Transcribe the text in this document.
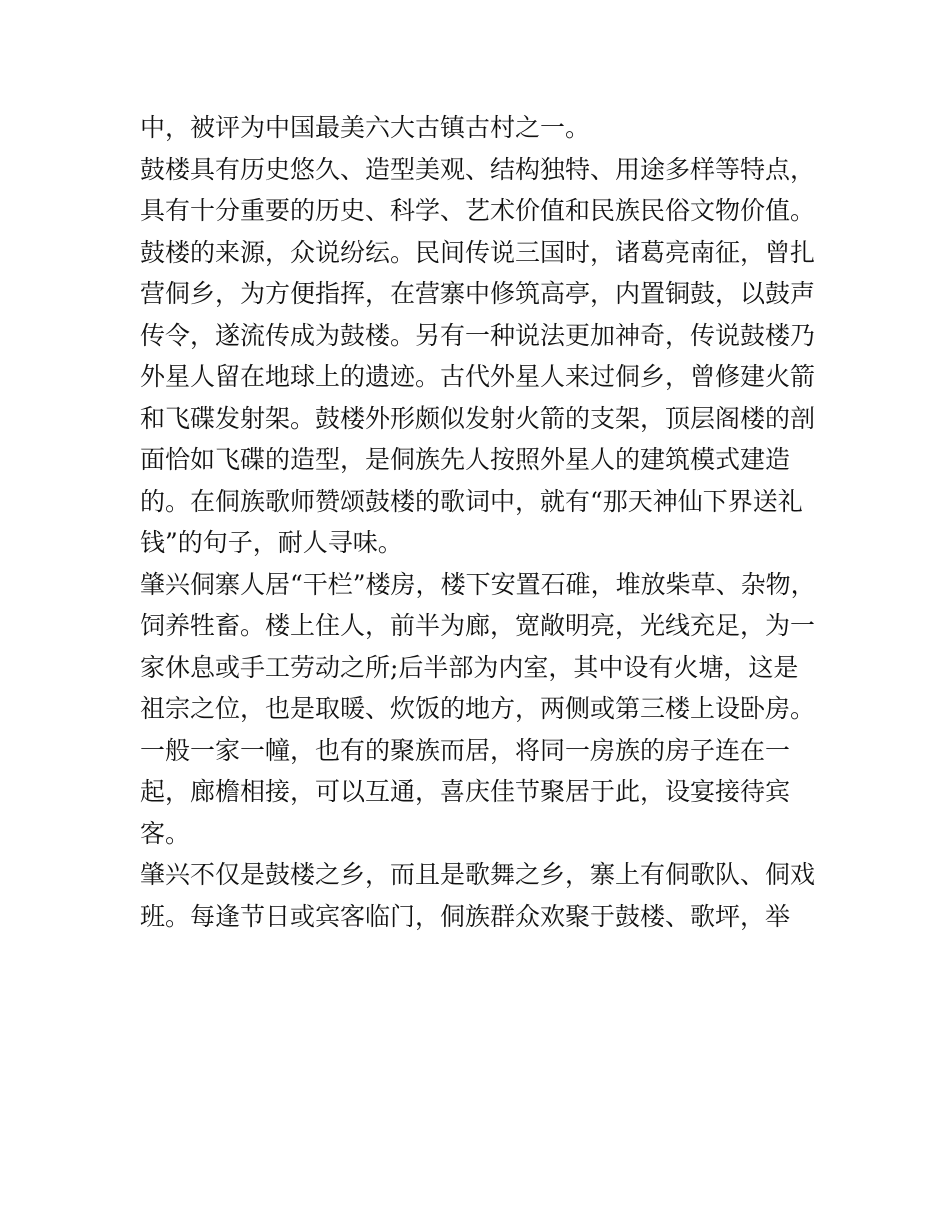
中，被评为中国最美六大古镇古村之一。
鼓楼具有历史悠久、造型美观、结构独特、用途多样等特点，
具有十分重要的历史、科学、艺术价值和民族民俗文物价值。
鼓楼的来源，众说纷纭。民间传说三国时，诸葛亮南征，曾扎
营侗乡，为方便指挥，在营寨中修筑高亭，内置铜鼓，以鼓声
传令，遂流传成为鼓楼。另有一种说法更加神奇，传说鼓楼乃
外星人留在地球上的遗迹。古代外星人来过侗乡，曾修建火箭
和飞碟发射架。鼓楼外形颇似发射火箭的支架，顶层阁楼的剖
面恰如飞碟的造型，是侗族先人按照外星人的建筑模式建造
的。在侗族歌师赞颂鼓楼的歌词中，就有“那天神仙下界送礼
钱”的句子，耐人寻味。
肇兴侗寨人居“干栏”楼房，楼下安置石碓，堆放柴草、杂物，
饲养牲畜。楼上住人，前半为廊，宽敞明亮，光线充足，为一
家休息或手工劳动之所;后半部为内室，其中设有火塘，这是
祖宗之位，也是取暖、炊饭的地方，两侧或第三楼上设卧房。
一般一家一幢，也有的聚族而居，将同一房族的房子连在一
起，廊檐相接，可以互通，喜庆佳节聚居于此，设宴接待宾
客。
肇兴不仅是鼓楼之乡，而且是歌舞之乡，寨上有侗歌队、侗戏
班。每逢节日或宾客临门，侗族群众欢聚于鼓楼、歌坪，举
